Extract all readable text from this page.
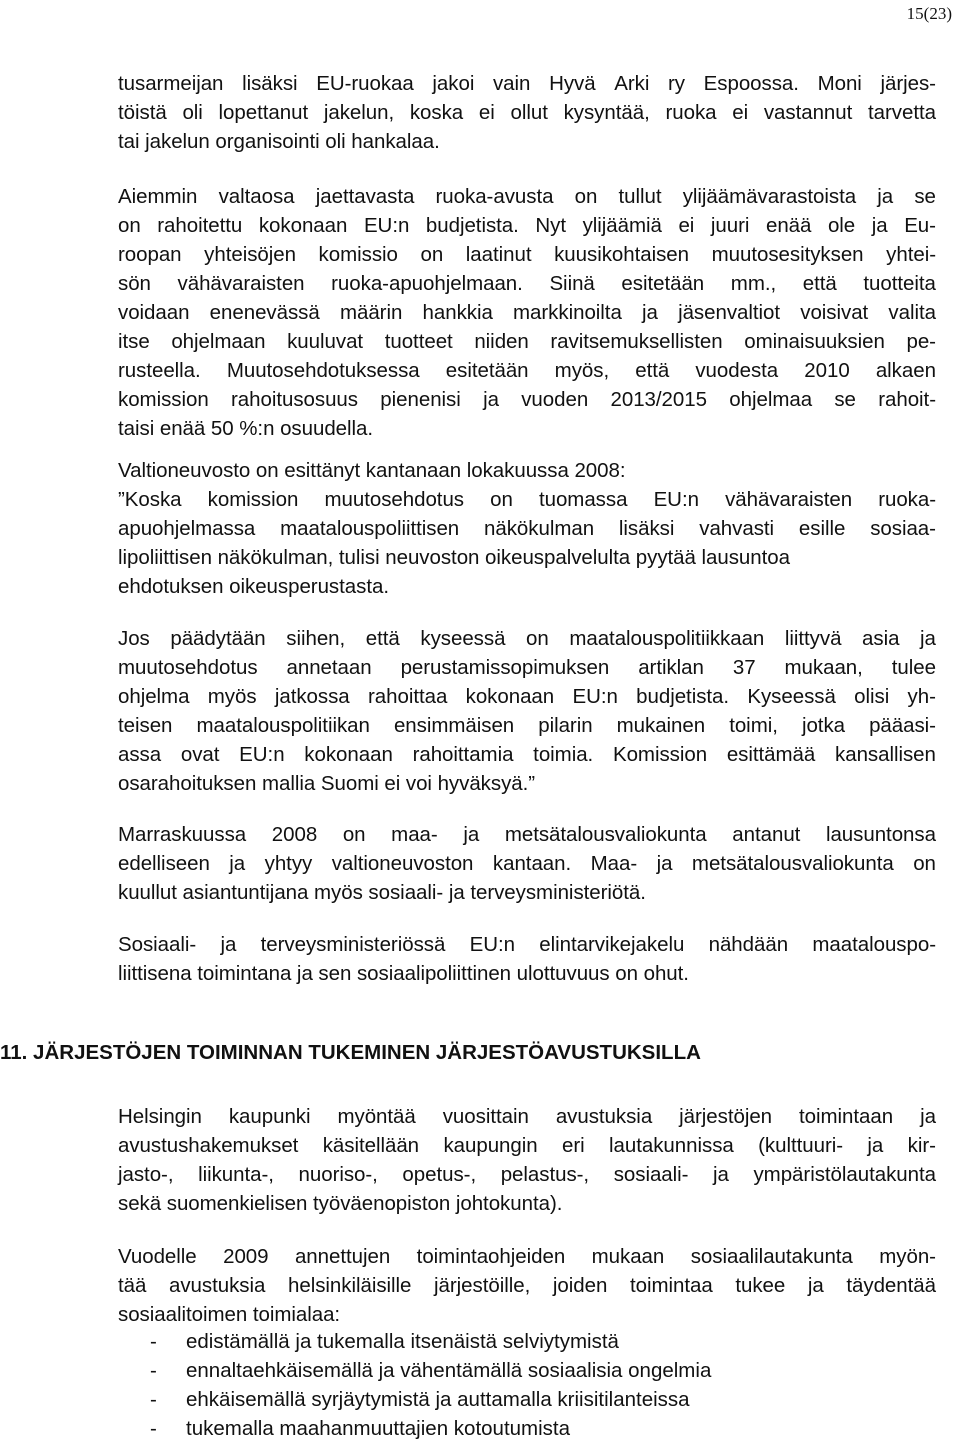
15(23)
tusarmeijan lisäksi EU-ruokaa jakoi vain Hyvä Arki ry Espoossa. Moni järjes-
töistä oli lopettanut jakelun, koska ei ollut kysyntää, ruoka ei vastannut tarvetta
tai jakelun organisointi oli hankalaa.
Aiemmin valtaosa jaettavasta ruoka-avusta on tullut ylijäämävarastoista ja se
on rahoitettu kokonaan EU:n budjetista. Nyt ylijäämiä ei juuri enää ole ja Eu-
roopan yhteisöjen komissio on laatinut kuusikohtaisen muutosesityksen yhtei-
sön vähävaraisten ruoka-apuohjelmaan. Siinä esitetään mm., että tuotteita
voidaan enenevässä määrin hankkia markkinoilta ja jäsenvaltiot voisivat valita
itse ohjelmaan kuuluvat tuotteet niiden ravitsemuksellisten ominaisuuksien pe-
rusteella. Muutosehdotuksessa esitetään myös, että vuodesta 2010 alkaen
komission rahoitusosuus pienenisi ja vuoden 2013/2015 ohjelmaa se rahoit-
taisi enää 50 %:n osuudella.
Valtioneuvosto on esittänyt kantanaan lokakuussa 2008:
”Koska komission muutosehdotus on tuomassa EU:n vähävaraisten ruoka-
apuohjelmassa maatalouspoliittisen näkökulman lisäksi vahvasti esille sosiaa-
lipoliittisen näkökulman, tulisi neuvoston oikeuspalvelulta pyytää lausuntoa
ehdotuksen oikeusperustasta.
Jos päädytään siihen, että kyseessä on maatalouspolitiikkaan liittyvä asia ja
muutosehdotus annetaan perustamissopimuksen artiklan 37 mukaan, tulee
ohjelma myös jatkossa rahoittaa kokonaan EU:n budjetista. Kyseessä olisi yh-
teisen maatalouspolitiikan ensimmäisen pilarin mukainen toimi, jotka pääasi-
assa ovat EU:n kokonaan rahoittamia toimia. Komission esittämää kansallisen
osarahoituksen mallia Suomi ei voi hyväksyä.”
Marraskuussa 2008 on maa- ja metsätalousvaliokunta antanut lausuntonsa
edelliseen ja yhtyy valtioneuvoston kantaan. Maa- ja metsätalousvaliokunta on
kuullut asiantuntijana myös sosiaali- ja terveysministeriötä.
Sosiaali- ja terveysministeriössä EU:n elintarvikejakelu nähdään maatalouspo-
liittisena toimintana ja sen sosiaalipoliittinen ulottuvuus on ohut.
11. JÄRJESTÖJEN TOIMINNAN TUKEMINEN JÄRJESTÖAVUSTUKSILLA
Helsingin kaupunki myöntää vuosittain avustuksia järjestöjen toimintaan ja
avustushakemukset käsitellään kaupungin eri lautakunnissa (kulttuuri- ja kir-
jasto-, liikunta-, nuoriso-, opetus-, pelastus-, sosiaali- ja ympäristölautakunta
sekä suomenkielisen työväenopiston johtokunta).
Vuodelle 2009 annettujen toimintaohjeiden mukaan sosiaalilautakunta myön-
tää avustuksia helsinkiläisille järjestöille, joiden toimintaa tukee ja täydentää
sosiaalitoimen toimialaa:
-	edistämällä ja tukemalla itsenäistä selviytymistä
-	ennaltaehkäisemällä ja vähentämällä sosiaalisia ongelmia
-	ehkäisemällä syrjäytymistä ja auttamalla kriisitilanteissa
-	tukemalla maahanmuuttajien kotoutumista
